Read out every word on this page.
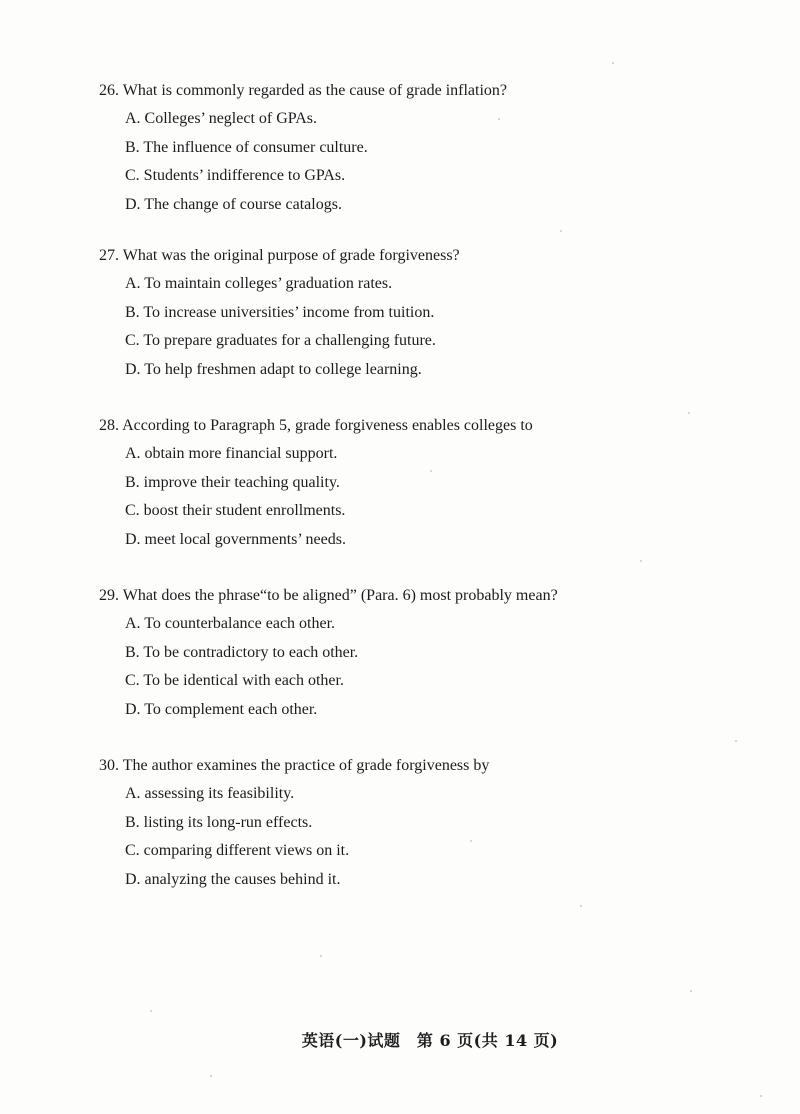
26. What is commonly regarded as the cause of grade inflation?
A. Colleges’ neglect of GPAs.
B. The influence of consumer culture.
C. Students’ indifference to GPAs.
D. The change of course catalogs.
27. What was the original purpose of grade forgiveness?
A. To maintain colleges’ graduation rates.
B. To increase universities’ income from tuition.
C. To prepare graduates for a challenging future.
D. To help freshmen adapt to college learning.
28. According to Paragraph 5, grade forgiveness enables colleges to
A. obtain more financial support.
B. improve their teaching quality.
C. boost their student enrollments.
D. meet local governments’ needs.
29. What does the phrase“to be aligned” (Para. 6) most probably mean?
A. To counterbalance each other.
B. To be contradictory to each other.
C. To be identical with each other.
D. To complement each other.
30. The author examines the practice of grade forgiveness by
A. assessing its feasibility.
B. listing its long-run effects.
C. comparing different views on it.
D. analyzing the causes behind it.
英语(一)试题　第 6 页(共 14 页)
